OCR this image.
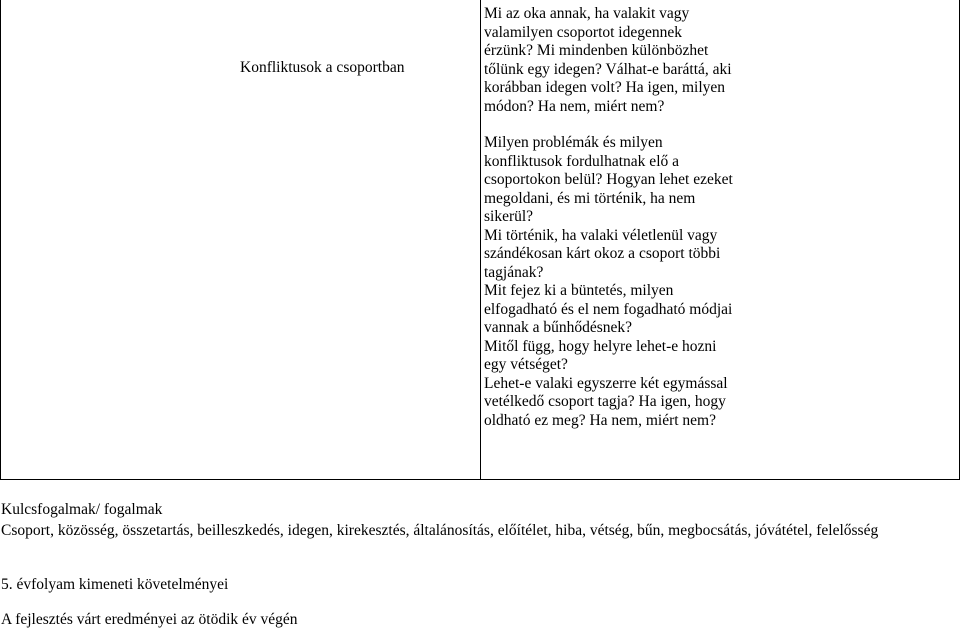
Konfliktusok a csoportban

Mi az oka annak, ha valakit vagy valamilyen csoportot idegennek érzünk? Mi mindenben különbözhet tőlünk egy idegen? Válhat-e baráttá, aki korábban idegen volt? Ha igen, milyen módon? Ha nem, miért nem?

Milyen problémák és milyen konfliktusok fordulhatnak elő a csoportokon belül? Hogyan lehet ezeket megoldani, és mi történik, ha nem sikerül?

Mi történik, ha valaki véletlenül vagy szándékosan kárt okoz a csoport többi tagjának?

Mit fejez ki a büntetés, milyen elfogadható és el nem fogadható módjai vannak a bűnhődésnek?

Mitől függ, hogy helyre lehet-e hozni egy vétséget?

Lehet-e valaki egyszerre két egymással vetélkedő csoport tagja? Ha igen, hogy oldható ez meg? Ha nem, miért nem?

Kulcsfogalmak/ fogalmak
Csoport, közösség, összetartás, beilleszkedés, idegen, kirekesztés, általánosítás, előítélet, hiba, vétség, bűn, megbocsátás, jóvátétel, felelősség
5. évfolyam kimeneti követelményei
A fejlesztés várt eredményei az ötödik év végén
